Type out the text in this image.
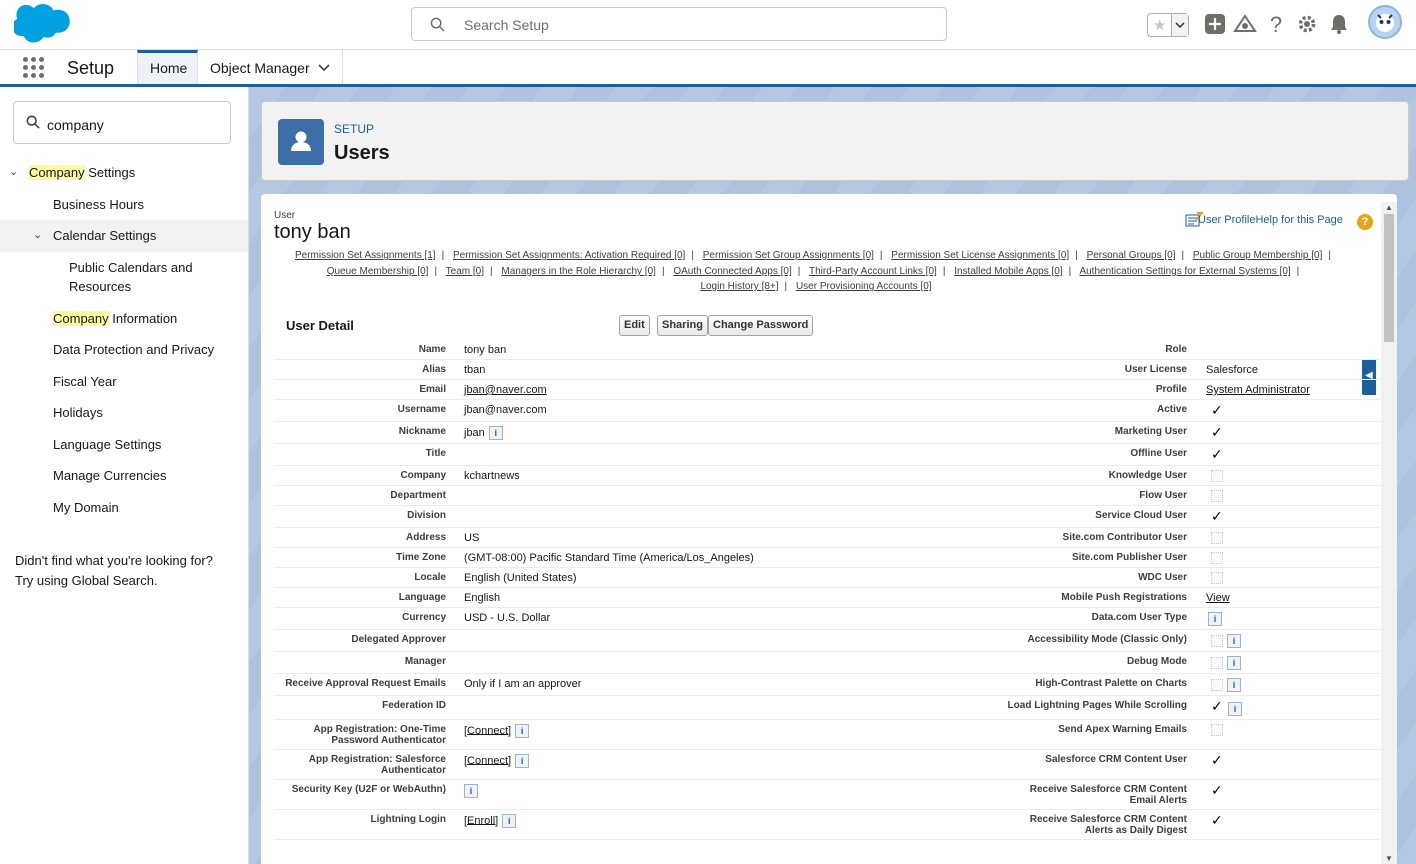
Search Setup	★	?
Setup	Home	Object Manager
company
⌄ Company Settings
Business Hours
⌄ Calendar Settings
Public Calendars and
Resources
Company Information
Data Protection and Privacy
Fiscal Year
Holidays
Language Settings
Manage Currencies
My Domain
Didn't find what you're looking for?
Try using Global Search.
SETUP
Users
▲
▼
◀
User
tony ban
User ProfileHelp for this Page	?
Permission Set Assignments [1] | Permission Set Assignments: Activation Required [0] | Permission Set Group Assignments [0] | Permission Set License Assignments [0] | Personal Groups [0] | Public Group Membership [0] |
Queue Membership [0] | Team [0] | Managers in the Role Hierarchy [0] | OAuth Connected Apps [0] | Third-Party Account Links [0] | Installed Mobile Apps [0] | Authentication Settings for External Systems [0] |
Login History [8+] | User Provisioning Accounts [0]
User Detail	Edit	Sharing Change Password
Name	tony ban	Role	
Alias	tban	User License	Salesforce
Email	jban@naver.com	Profile	System Administrator
Username	jban@naver.com	Active	✓
Nickname	jban i	Marketing User	✓
Title		Offline User	✓
Company	kchartnews	Knowledge User	
Department		Flow User	
Division		Service Cloud User	✓
Address	US	Site.com Contributor User	
Time Zone	(GMT-08:00) Pacific Standard Time (America/Los_Angeles)	Site.com Publisher User	
Locale	English (United States)	WDC User	
Language	English	Mobile Push Registrations	View
Currency	USD - U.S. Dollar	Data.com User Type	i
Delegated Approver		Accessibility Mode (Classic Only)	i
Manager		Debug Mode	i
Receive Approval Request Emails	Only if I am an approver	High-Contrast Palette on Charts	i
Federation ID		Load Lightning Pages While Scrolling	✓ i

App Registration: One-Time
Password Authenticator	[Connect] i	Send Apex Warning Emails	

App Registration: Salesforce
Authenticator	[Connect] i	Salesforce CRM Content User	✓
Security Key (U2F or WebAuthn)	i	Receive Salesforce CRM Content
Email Alerts	✓
Lightning Login	[Enroll] i	Receive Salesforce CRM Content
Alerts as Daily Digest	✓
